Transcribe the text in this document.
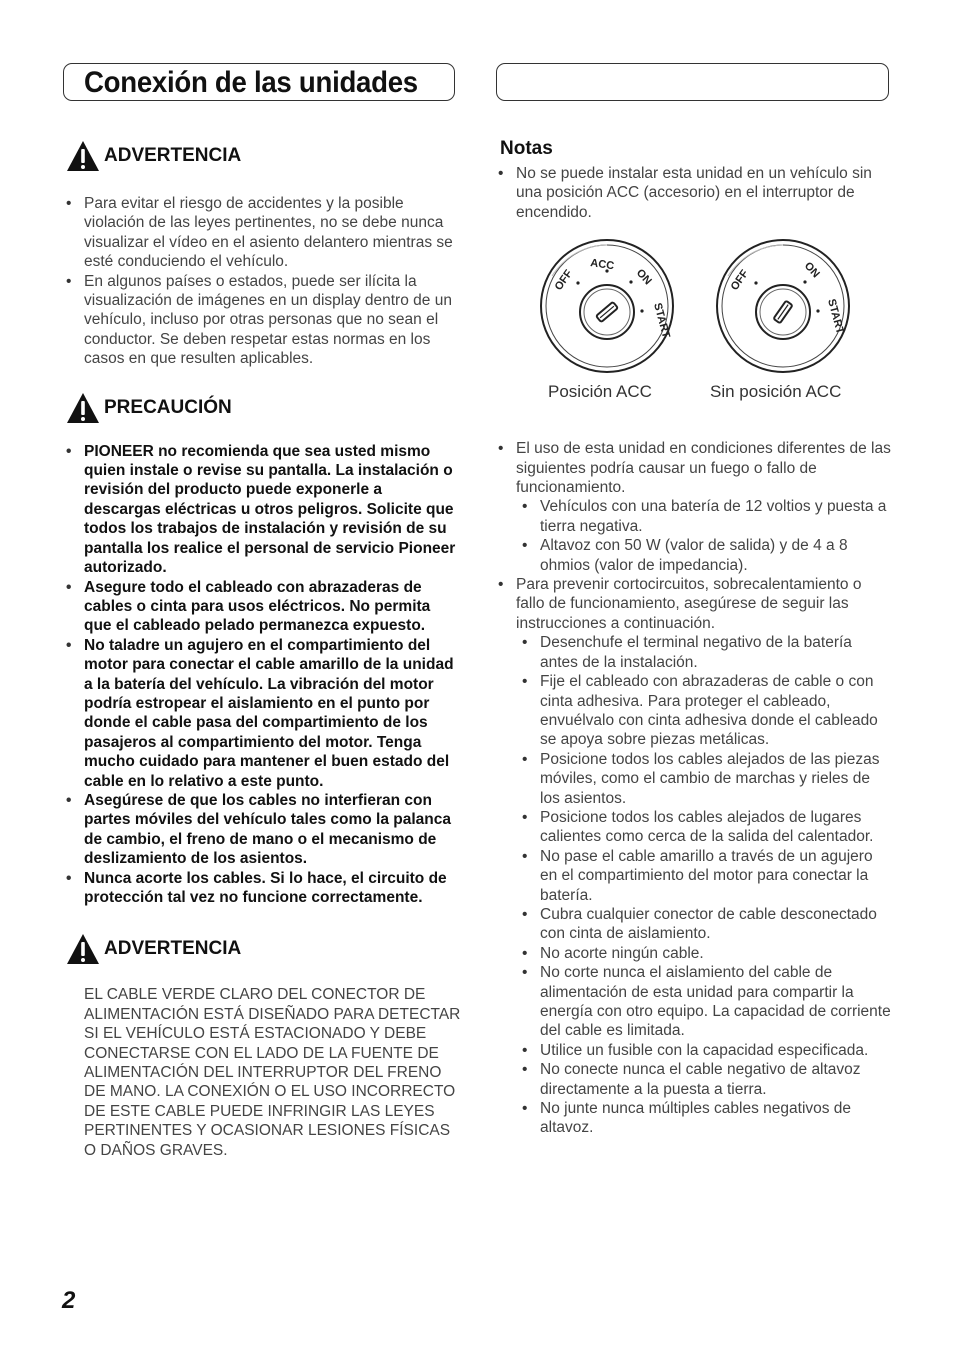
Conexión de las unidades
ADVERTENCIA
• Para evitar el riesgo de accidentes y la posible violación de las leyes pertinentes, no se debe nunca visualizar el vídeo en el asiento delantero mientras se esté conduciendo el vehículo.
• En algunos países o estados, puede ser ilícita la visualización de imágenes en un display dentro de un vehículo, incluso por otras personas que no sean el conductor. Se deben respetar estas normas en los casos en que resulten aplicables.
PRECAUCIÓN
• PIONEER no recomienda que sea usted mismo quien instale o revise su pantalla. La instalación o revisión del producto puede exponerle a descargas eléctricas u otros peligros. Solicite que todos los trabajos de instalación y revisión de su pantalla los realice el personal de servicio Pioneer autorizado.
• Asegure todo el cableado con abrazaderas de cables o cinta para usos eléctricos. No permita que el cableado pelado permanezca expuesto.
• No taladre un agujero en el compartimiento del motor para conectar el cable amarillo de la unidad a la batería del vehículo. La vibración del motor podría estropear el aislamiento en el punto por donde el cable pasa del compartimiento de los pasajeros al compartimiento del motor. Tenga mucho cuidado para mantener el buen estado del cable en lo relativo a este punto.
• Asegúrese de que los cables no interfieran con partes móviles del vehículo tales como la palanca de cambio, el freno de mano o el mecanismo de deslizamiento de los asientos.
• Nunca acorte los cables. Si lo hace, el circuito de protección tal vez no funcione correctamente.
ADVERTENCIA

EL CABLE VERDE CLARO DEL CONECTOR DE ALIMENTACIÓN ESTÁ DISEÑADO PARA DETECTAR SI EL VEHÍCULO ESTÁ ESTACIONADO Y DEBE CONECTARSE CON EL LADO DE LA FUENTE DE ALIMENTACIÓN DEL INTERRUPTOR DEL FRENO DE MANO. LA CONEXIÓN O EL USO INCORRECTO DE ESTE CABLE PUEDE INFRINGIR LAS LEYES PERTINENTES Y OCASIONAR LESIONES FÍSICAS O DAÑOS GRAVES.

Notas

• No se puede instalar esta unidad en un vehículo sin una posición ACC (accesorio) en el interruptor de encendido.
OFF
ACC
ON
START
Posición ACC
OFF	ON
START
Sin posición ACC
• El uso de esta unidad en condiciones diferentes de las siguientes podría causar un fuego o fallo de funcionamiento.
• Vehículos con una batería de 12 voltios y puesta a tierra negativa.
• Altavoz con 50 W (valor de salida) y de 4 a 8 ohmios (valor de impedancia).
• Para prevenir cortocircuitos, sobrecalentamiento o fallo de funcionamiento, asegúrese de seguir las instrucciones a continuación.
• Desenchufe el terminal negativo de la batería antes de la instalación.
• Fije el cableado con abrazaderas de cable o con cinta adhesiva. Para proteger el cableado, envuélvalo con cinta adhesiva donde el cableado se apoya sobre piezas metálicas.
• Posicione todos los cables alejados de las piezas móviles, como el cambio de marchas y rieles de los asientos.
• Posicione todos los cables alejados de lugares calientes como cerca de la salida del calentador.
• No pase el cable amarillo a través de un agujero en el compartimiento del motor para conectar la batería.
• Cubra cualquier conector de cable desconectado con cinta de aislamiento.
• No acorte ningún cable.
• No corte nunca el aislamiento del cable de alimentación de esta unidad para compartir la energía con otro equipo. La capacidad de corriente del cable es limitada.
• Utilice un fusible con la capacidad especificada.
• No conecte nunca el cable negativo de altavoz directamente a la puesta a tierra.
• No junte nunca múltiples cables negativos de altavoz.
2
